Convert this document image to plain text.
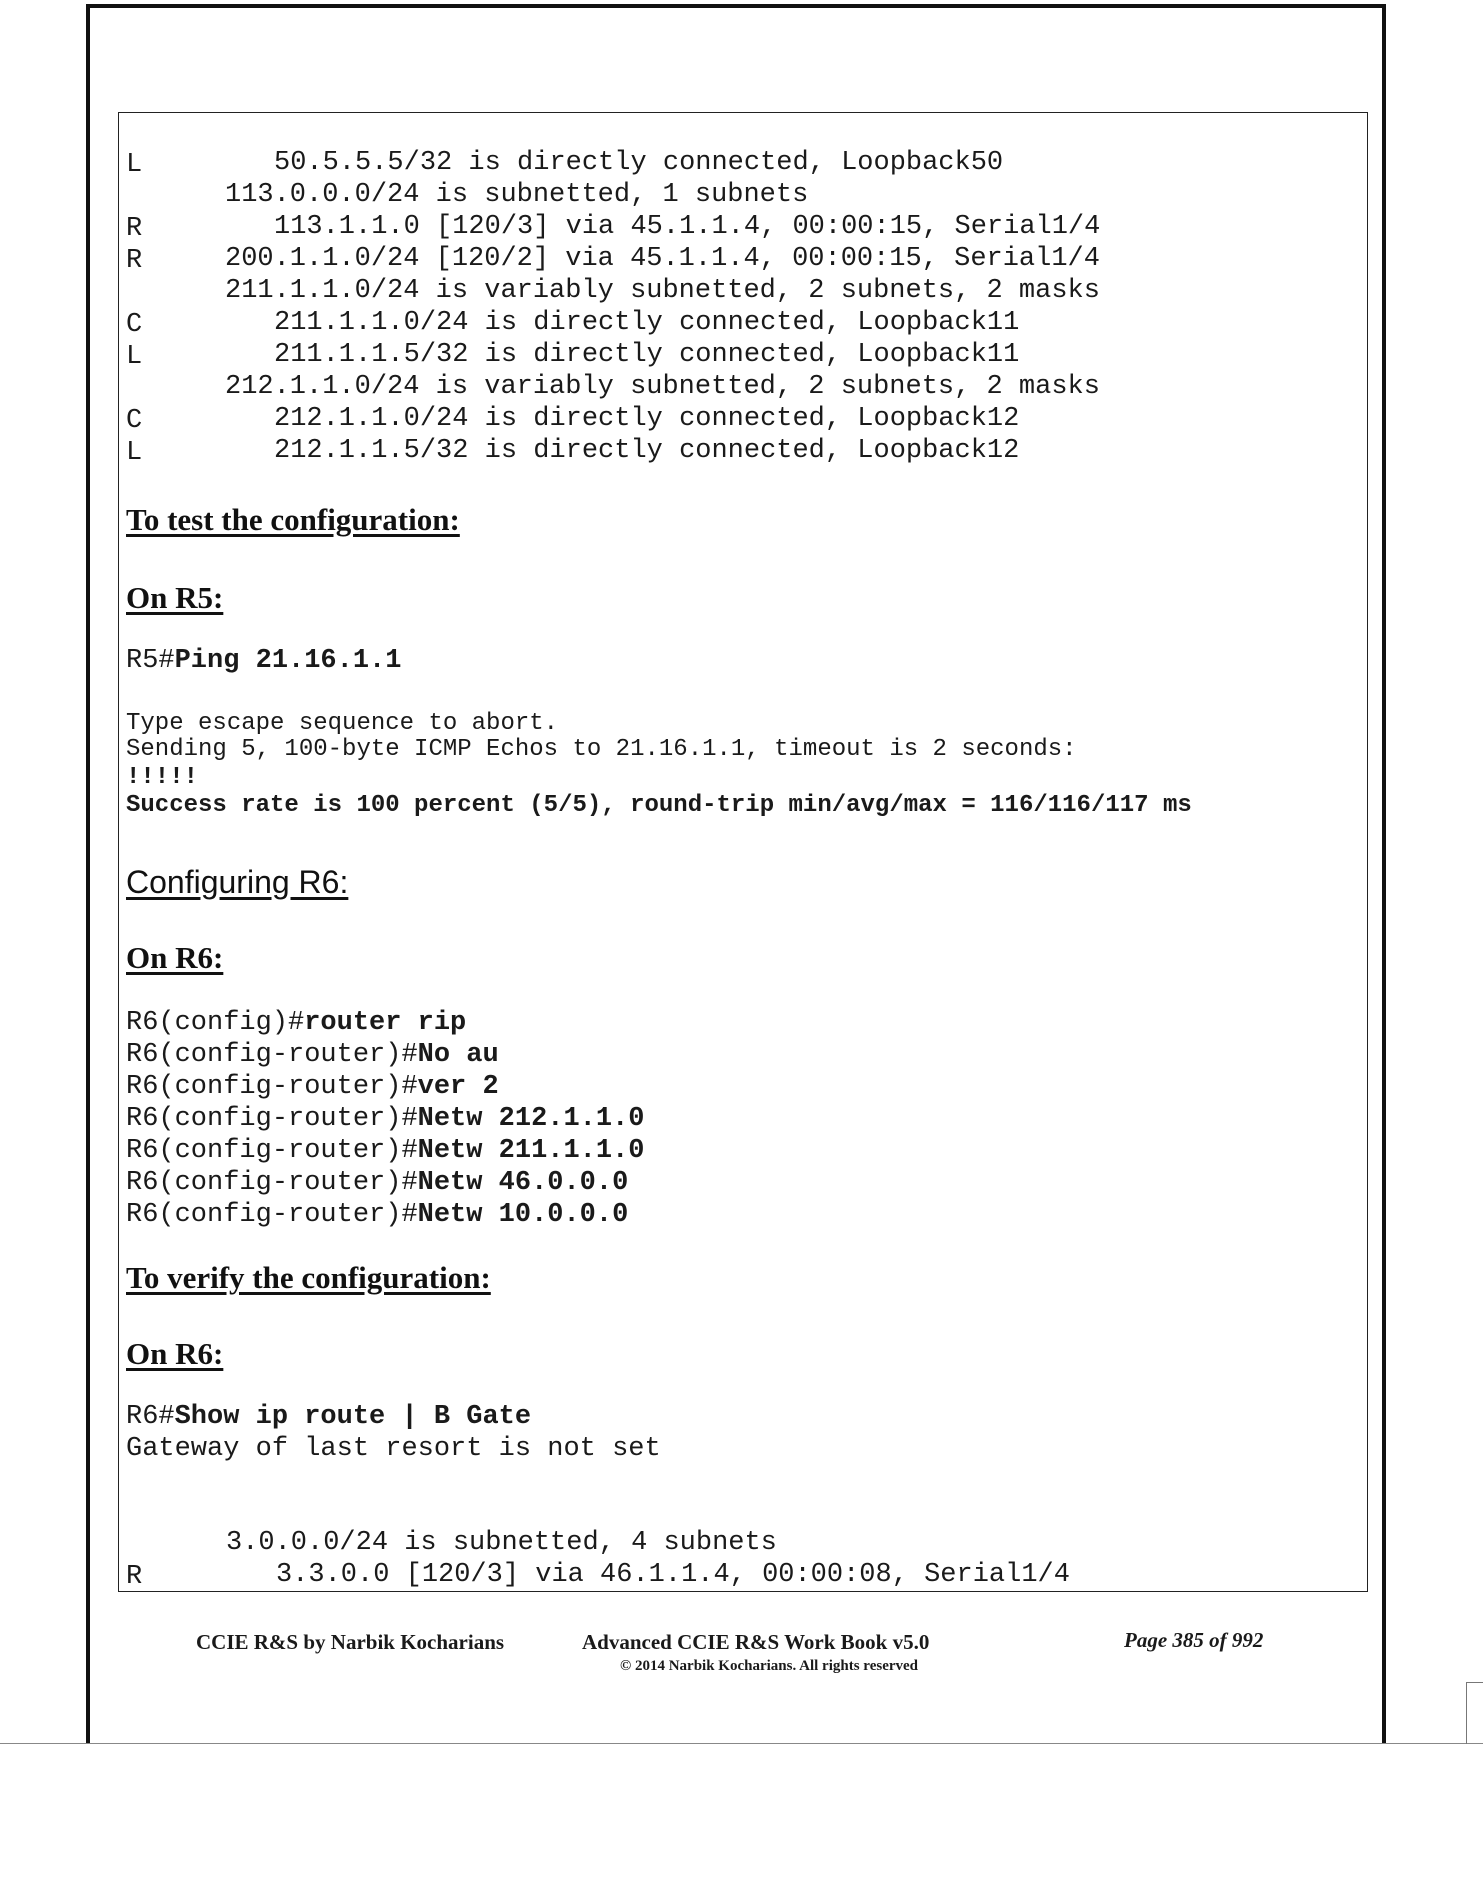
L	50.5.5.5/32 is directly connected, Loopback50
113.0.0.0/24 is subnetted, 1 subnets
R	113.1.1.0 [120/3] via 45.1.1.4, 00:00:15, Serial1/4
R	200.1.1.0/24 [120/2] via 45.1.1.4, 00:00:15, Serial1/4
211.1.1.0/24 is variably subnetted, 2 subnets, 2 masks
C	211.1.1.0/24 is directly connected, Loopback11
L	211.1.1.5/32 is directly connected, Loopback11
212.1.1.0/24 is variably subnetted, 2 subnets, 2 masks
C	212.1.1.0/24 is directly connected, Loopback12
L	212.1.1.5/32 is directly connected, Loopback12
To test the configuration:
On R5:
R5#Ping 21.16.1.1
Type escape sequence to abort.
Sending 5, 100-byte ICMP Echos to 21.16.1.1, timeout is 2 seconds:
!!!!!
Success rate is 100 percent (5/5), round-trip min/avg/max = 116/116/117 ms
Configuring R6:
On R6:
R6(config)#router rip
R6(config-router)#No au
R6(config-router)#ver 2
R6(config-router)#Netw 212.1.1.0
R6(config-router)#Netw 211.1.1.0
R6(config-router)#Netw 46.0.0.0
R6(config-router)#Netw 10.0.0.0
To verify the configuration:
On R6:
R6#Show ip route | B Gate
Gateway of last resort is not set
3.0.0.0/24 is subnetted, 4 subnets
R	3.3.0.0 [120/3] via 46.1.1.4, 00:00:08, Serial1/4
CCIE R&S by Narbik Kocharians	Advanced CCIE R&S Work Book v5.0
© 2014 Narbik Kocharians. All rights reserved
Page 385 of 992
